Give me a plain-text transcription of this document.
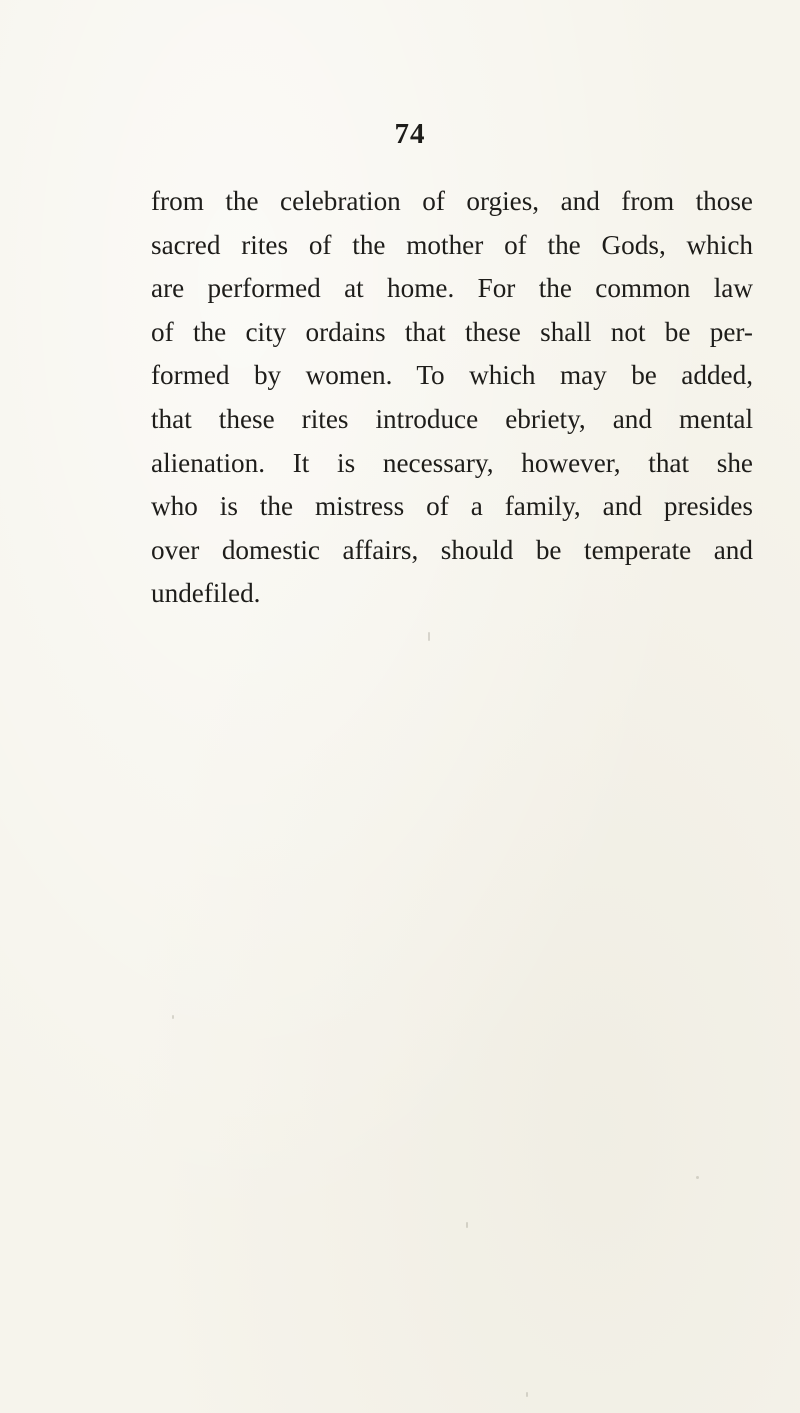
74

from the celebration of orgies, and from those
sacred rites of the mother of the Gods, which
are performed at home. For the common law
of the city ordains that these shall not be per-
formed by women. To which may be added,
that these rites introduce ebriety, and mental
alienation. It is necessary, however, that she
who is the mistress of a family, and presides
over domestic affairs, should be temperate and
undefiled.
